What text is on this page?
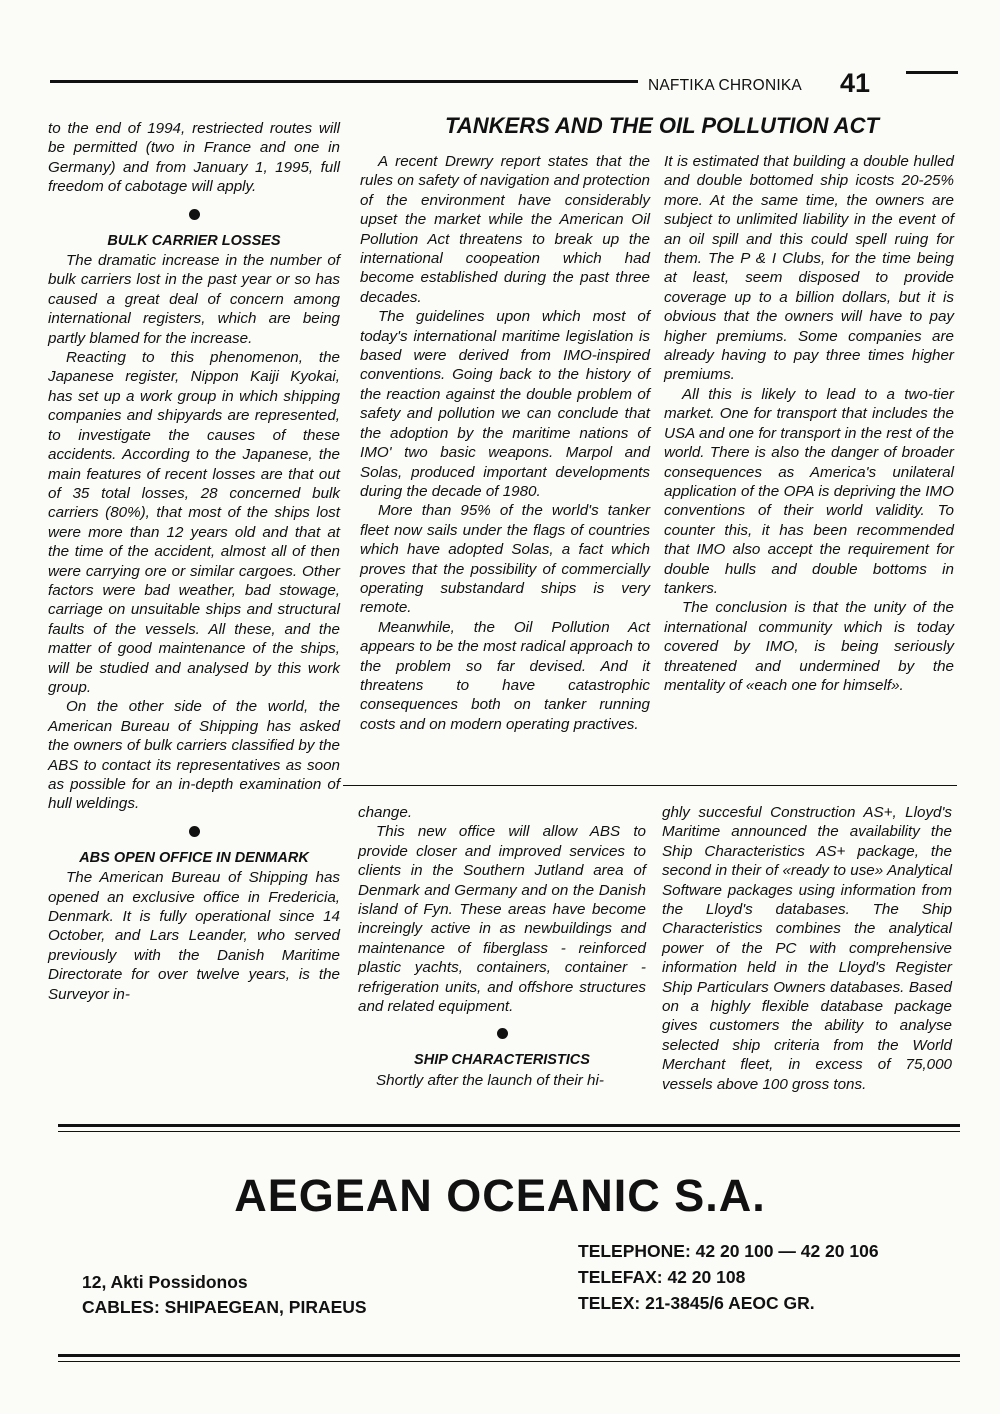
NAFTIKA CHRONIKA 41

to the end of 1994, restriected routes will be permitted (two in France and one in Germany) and from January 1, 1995, full freedom of cabotage will apply.

BULK CARRIER LOSSES

The dramatic increase in the number of bulk carriers lost in the past year or so has caused a great deal of concern among international registers, which are being partly blamed for the increase.

Reacting to this phenomenon, the Japanese register, Nippon Kaiji Kyokai, has set up a work group in which shipping companies and shipyards are represented, to investigate the causes of these accidents. According to the Japanese, the main features of recent losses are that out of 35 total losses, 28 concerned bulk carriers (80%), that most of the ships lost were more than 12 years old and that at the time of the accident, almost all of then were carrying ore or similar cargoes. Other factors were bad weather, bad stowage, carriage on unsuitable ships and structural faults of the vessels. All these, and the matter of good maintenance of the ships, will be studied and analysed by this work group.

On the other side of the world, the American Bureau of Shipping has asked the owners of bulk carriers classified by the ABS to contact its representatives as soon as possible for an in-depth examination of hull weldings.

ABS OPEN OFFICE IN DENMARK

The American Bureau of Shipping has opened an exclusive office in Fredericia, Denmark. It is fully operational since 14 October, and Lars Leander, who served previously with the Danish Maritime Directorate for over twelve years, is the Surveyor in-

TANKERS AND THE OIL POLLUTION ACT

A recent Drewry report states that the rules on safety of navigation and protection of the environment have considerably upset the market while the American Oil Pollution Act threatens to break up the international coopeation which had become established during the past three decades.

The guidelines upon which most of today's international maritime legislation is based were derived from IMO-inspired conventions. Going back to the history of the reaction against the double problem of safety and pollution we can conclude that the adoption by the maritime nations of IMO' two basic weapons. Marpol and Solas, produced important developments during the decade of 1980.

More than 95% of the world's tanker fleet now sails under the flags of countries which have adopted Solas, a fact which proves that the possibility of commercially operating substandard ships is very remote.

Meanwhile, the Oil Pollution Act appears to be the most radical approach to the problem so far devised. And it threatens to have catastrophic consequences both on tanker running costs and on modern operating practives.

It is estimated that building a double hulled and double bottomed ship icosts 20-25% more. At the same time, the owners are subject to unlimited liability in the event of an oil spill and this could spell ruing for them. The P & I Clubs, for the time being at least, seem disposed to provide coverage up to a billion dollars, but it is obvious that the owners will have to pay higher premiums. Some companies are already having to pay three times higher premiums.

All this is likely to lead to a two-tier market. One for transport that includes the USA and one for transport in the rest of the world. There is also the danger of broader consequences as America's unilateral application of the OPA is depriving the IMO conventions of their world validity. To counter this, it has been recommended that IMO also accept the requirement for double hulls and double bottoms in tankers.

The conclusion is that the unity of the international community which is today covered by IMO, is being seriously threatened and undermined by the mentality of «each one for himself».

change.

This new office will allow ABS to provide closer and improved services to clients in the Southern Jutland area of Denmark and Germany and on the Danish island of Fyn. These areas have become increingly active in as newbuildings and maintenance of fiberglass - reinforced plastic yachts, containers, container - refrigeration units, and offshore structures and related equipment.

SHIP CHARACTERISTICS

Shortly after the launch of their hi-

ghly succesful Construction AS+, Lloyd's Maritime announced the availability the Ship Characteristics AS+ package, the second in their of «ready to use» Analytical Software packages using information from the Lloyd's databases. The Ship Characteristics combines the analytical power of the PC with comprehensive information held in the Lloyd's Register Ship Particulars Owners databases. Based on a highly flexible database package gives customers the ability to analyse selected ship criteria from the World Merchant fleet, in excess of 75,000 vessels above 100 gross tons.

AEGEAN OCEANIC S.A.
12, Akti Possidonos
CABLES: SHIPAEGEAN, PIRAEUS
TELEPHONE: 42 20 100 — 42 20 106
TELEFAX: 42 20 108
TELEX: 21-3845/6 AEOC GR.
